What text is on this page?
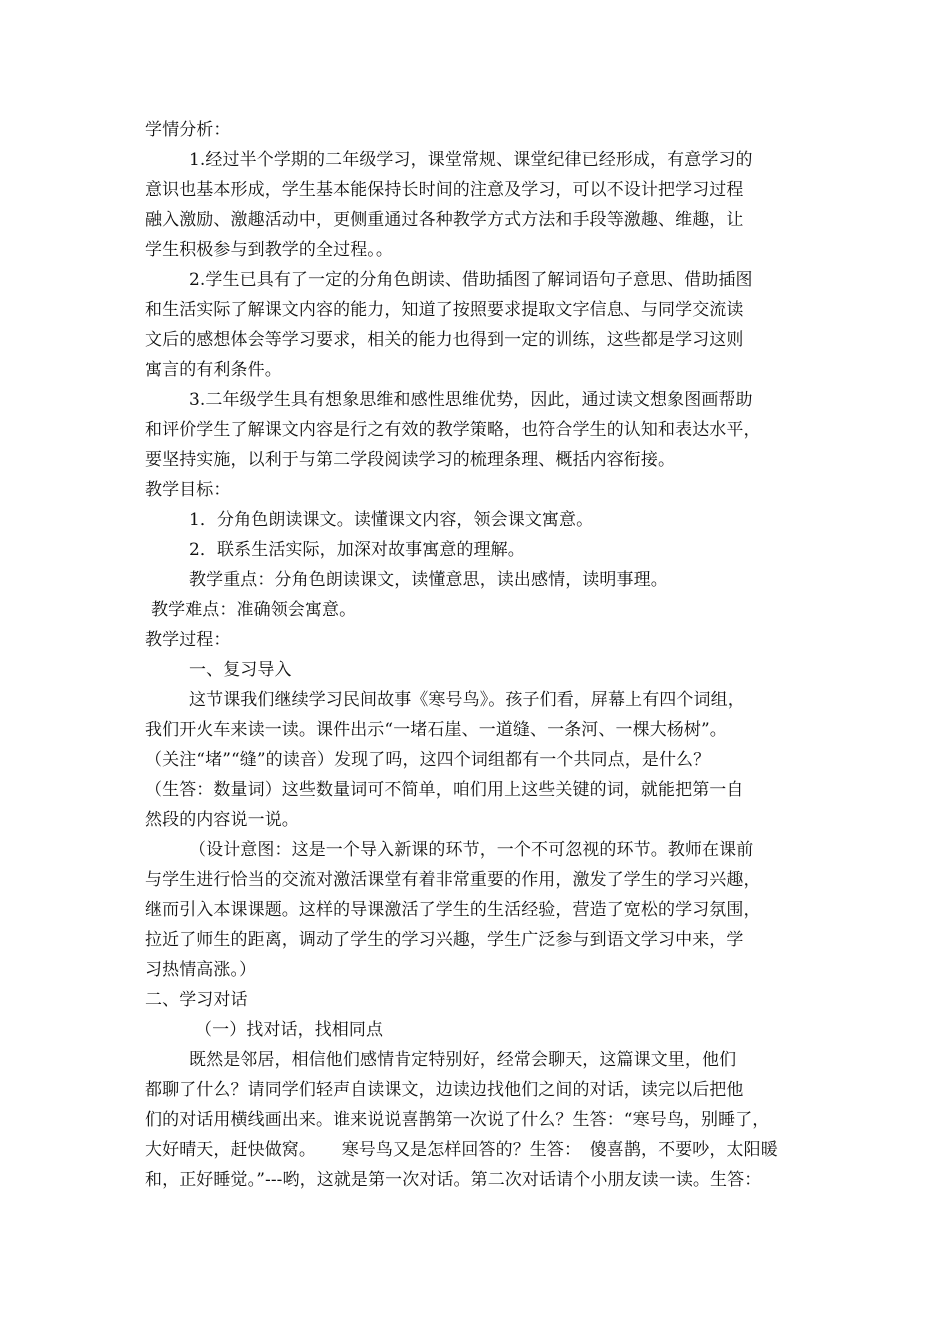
学情分析：
1.经过半个学期的二年级学习，课堂常规、课堂纪律已经形成，有意学习的
意识也基本形成，学生基本能保持长时间的注意及学习，可以不设计把学习过程
融入激励、激趣活动中，更侧重通过各种教学方式方法和手段等激趣、维趣，让
学生积极参与到教学的全过程。。
2.学生已具有了一定的分角色朗读、借助插图了解词语句子意思、借助插图
和生活实际了解课文内容的能力，知道了按照要求提取文字信息、与同学交流读
文后的感想体会等学习要求，相关的能力也得到一定的训练，这些都是学习这则
寓言的有利条件。
3.二年级学生具有想象思维和感性思维优势，因此，通过读文想象图画帮助
和评价学生了解课文内容是行之有效的教学策略，也符合学生的认知和表达水平，
要坚持实施，以利于与第二学段阅读学习的梳理条理、概括内容衔接。
教学目标：
1．分角色朗读课文。读懂课文内容，领会课文寓意。
2．联系生活实际，加深对故事寓意的理解。
教学重点：分角色朗读课文，读懂意思，读出感情，读明事理。
教学难点：准确领会寓意。
教学过程：
一、复习导入
这节课我们继续学习民间故事《寒号鸟》。孩子们看，屏幕上有四个词组，
我们开火车来读一读。课件出示“一堵石崖、一道缝、一条河、一棵大杨树”。
（关注“堵”“缝”的读音）发现了吗，这四个词组都有一个共同点，是什么？
（生答：数量词）这些数量词可不简单，咱们用上这些关键的词，就能把第一自
然段的内容说一说。
（设计意图：这是一个导入新课的环节，一个不可忽视的环节。教师在课前
与学生进行恰当的交流对激活课堂有着非常重要的作用，激发了学生的学习兴趣，
继而引入本课课题。这样的导课激活了学生的生活经验，营造了宽松的学习氛围，
拉近了师生的距离，调动了学生的学习兴趣，学生广泛参与到语文学习中来，学
习热情高涨。）
二、学习对话
（一）找对话，找相同点
既然是邻居，相信他们感情肯定特别好，经常会聊天，这篇课文里，他们
都聊了什么？请同学们轻声自读课文，边读边找他们之间的对话，读完以后把他
们的对话用横线画出来。谁来说说喜鹊第一次说了什么？生答：“寒号鸟，别睡了，
大好晴天，赶快做窝。　　寒号鸟又是怎样回答的？生答：　傻喜鹊，不要吵，太阳暖
和，正好睡觉。”---哟，这就是第一次对话。第二次对话请个小朋友读一读。生答：
